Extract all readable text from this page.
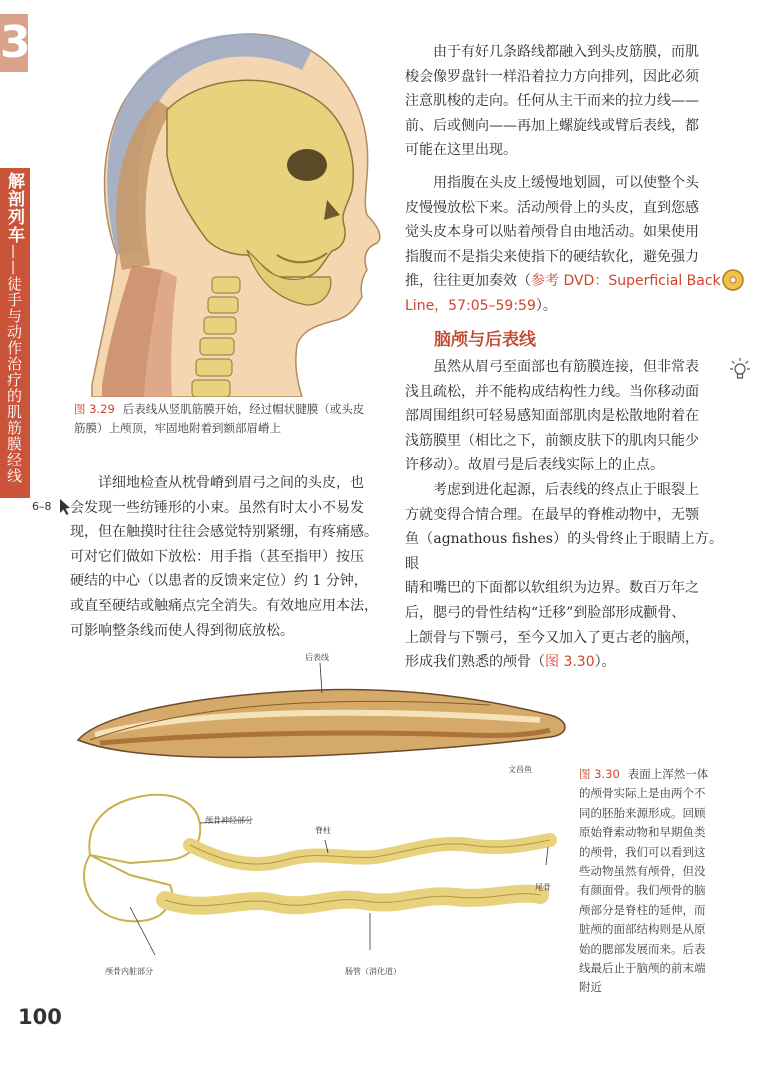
3
解剖列车——徒手与动作治疗的肌筋膜经线	图 3.29 后表线从竖肌筋膜开始，经过帽状腱膜（或头皮
筋膜）上颅顶，牢固地附着到额部眉嵴上
6–8
详细地检查从枕骨嵴到眉弓之间的头皮，也
会发现一些纺锤形的小束。虽然有时太小不易发
现，但在触摸时往往会感觉特别紧绷，有疼痛感。
可对它们做如下放松：用手指（甚至指甲）按压
硬结的中心（以患者的反馈来定位）约 1 分钟，
或直至硬结或触痛点完全消失。有效地应用本法，
可影响整条线而使人得到彻底放松。
由于有好几条路线都融入到头皮筋膜，而肌
梭会像罗盘针一样沿着拉力方向排列，因此必须
注意肌梭的走向。任何从主干而来的拉力线——
前、后或侧向——再加上螺旋线或臂后表线，都
可能在这里出现。
用指腹在头皮上缓慢地划圆，可以使整个头
皮慢慢放松下来。活动颅骨上的头皮，直到您感
觉头皮本身可以贴着颅骨自由地活动。如果使用
指腹而不是指尖来使指下的硬结软化，避免强力
推，往往更加奏效（参考 DVD：Superficial Back
Line，57:05–59:59）。
脑颅与后表线
虽然从眉弓至面部也有筋膜连接，但非常表
浅且疏松，并不能构成结构性力线。当你移动面
部周围组织可轻易感知面部肌肉是松散地附着在
浅筋膜里（相比之下，前额皮肤下的肌肉只能少
许移动）。故眉弓是后表线实际上的止点。
考虑到进化起源，后表线的终点止于眼裂上
方就变得合情合理。在最早的脊椎动物中，无颚
鱼（agnathous fishes）的头骨终止于眼睛上方。眼
睛和嘴巴的下面都以软组织为边界。数百万年之
后，腮弓的骨性结构“迁移”到脸部形成颧骨、
上颌骨与下颚弓，至今又加入了更古老的脑颅，
形成我们熟悉的颅骨（图 3.30）。
后表线
文昌鱼
颅骨神经部分
脊柱
尾骨
颅骨内脏部分	肠管（消化道）
图 3.30 表面上浑然一体
的颅骨实际上是由两个不
同的胚胎来源形成。回顾
原始脊索动物和早期鱼类
的颅骨，我们可以看到这
些动物虽然有颅骨，但没
有颜面骨。我们颅骨的脑
颅部分是脊柱的延伸，而
脏颅的面部结构则是从原
始的腮部发展而来。后表
线最后止于脑颅的前末端
附近
100
